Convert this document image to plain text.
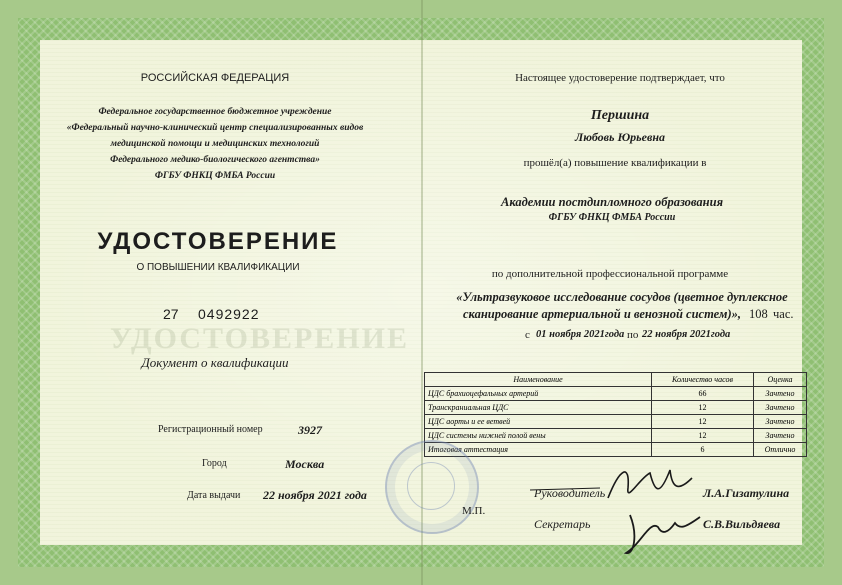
УДОСТОВЕРЕНИЕ
РОССИЙСКАЯ ФЕДЕРАЦИЯ
Федеральное государственное бюджетное учреждение
«Федеральный научно-клинический центр специализированных видов
медицинской помощи и медицинских технологий
Федерального медико-биологического агентства»
ФГБУ ФНКЦ ФМБА России
УДОСТОВЕРЕНИЕ
О ПОВЫШЕНИИ КВАЛИФИКАЦИИ
27 0492922
Документ о квалификации
Регистрационный номер	3927
Город	Москва
Дата выдачи 22 ноября 2021 года
Настоящее удостоверение подтверждает, что
Першина
Любовь Юрьевна
прошёл(а) повышение квалификации в
Академии постдипломного образования
ФГБУ ФНКЦ ФМБА России
по дополнительной профессиональной программе
«Ультразвуковое исследование сосудов (цветное дуплексное
сканирование артериальной и венозной систем)», 108 час.
с 01 ноября 2021года по 22 ноября 2021года
Наименование	Количество часов	Оценка
ЦДС брахиоцефальных артерий	66	Зачтено
Транскраниальная ЦДС	12	Зачтено
ЦДС аорты и ее ветвей	12	Зачтено
ЦДС системы нижней полой вены	12	Зачтено
Итоговая аттестация	6	Отлично
М.П.
Руководитель	Л.А.Гизатулина
Секретарь	С.В.Вильдяева
